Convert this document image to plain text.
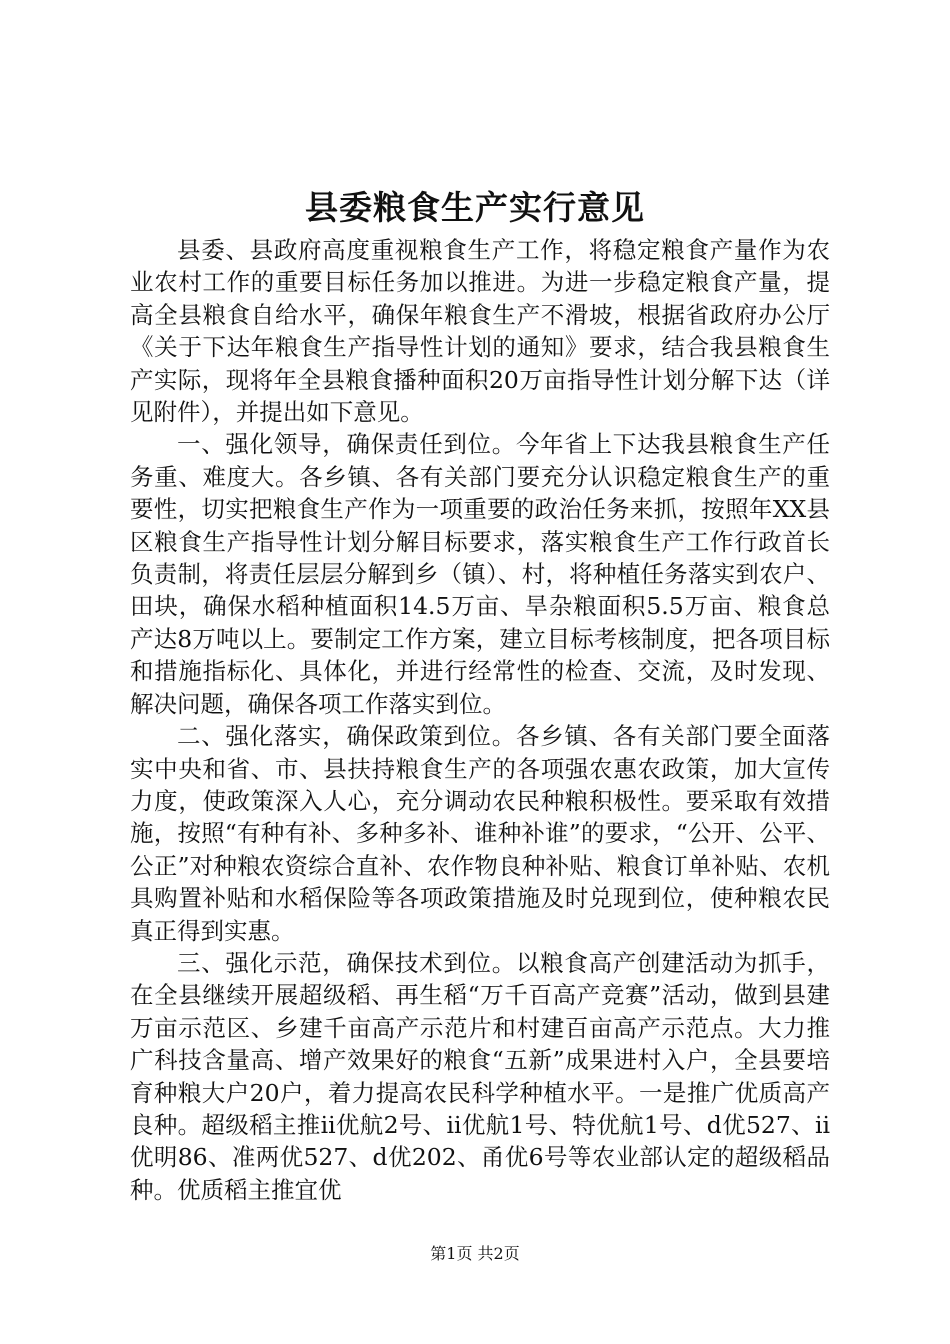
县委粮食生产实行意见

县委、县政府高度重视粮食生产工作，将稳定粮食产量作为农业农村工作的重要目标任务加以推进。为进一步稳定粮食产量，提高全县粮食自给水平，确保年粮食生产不滑坡，根据省政府办公厅《关于下达年粮食生产指导性计划的通知》要求，结合我县粮食生产实际，现将年全县粮食播种面积20万亩指导性计划分解下达（详见附件），并提出如下意见。

一、强化领导，确保责任到位。今年省上下达我县粮食生产任务重、难度大。各乡镇、各有关部门要充分认识稳定粮食生产的重要性，切实把粮食生产作为一项重要的政治任务来抓，按照年XX县区粮食生产指导性计划分解目标要求，落实粮食生产工作行政首长负责制，将责任层层分解到乡（镇）、村，将种植任务落实到农户、田块，确保水稻种植面积14.5万亩、旱杂粮面积5.5万亩、粮食总产达8万吨以上。要制定工作方案，建立目标考核制度，把各项目标和措施指标化、具体化，并进行经常性的检查、交流，及时发现、解决问题，确保各项工作落实到位。

二、强化落实，确保政策到位。各乡镇、各有关部门要全面落实中央和省、市、县扶持粮食生产的各项强农惠农政策，加大宣传力度，使政策深入人心，充分调动农民种粮积极性。要采取有效措施，按照“有种有补、多种多补、谁种补谁”的要求，“公开、公平、公正”对种粮农资综合直补、农作物良种补贴、粮食订单补贴、农机具购置补贴和水稻保险等各项政策措施及时兑现到位，使种粮农民真正得到实惠。

三、强化示范，确保技术到位。以粮食高产创建活动为抓手，在全县继续开展超级稻、再生稻“万千百高产竞赛”活动，做到县建万亩示范区、乡建千亩高产示范片和村建百亩高产示范点。大力推广科技含量高、增产效果好的粮食“五新”成果进村入户，全县要培育种粮大户20户，着力提高农民科学种植水平。一是推广优质高产良种。超级稻主推ii优航2号、ii优航1号、特优航1号、d优527、ii优明86、准两优527、d优202、甬优6号等农业部认定的超级稻品种。优质稻主推宜优

第1页 共2页
